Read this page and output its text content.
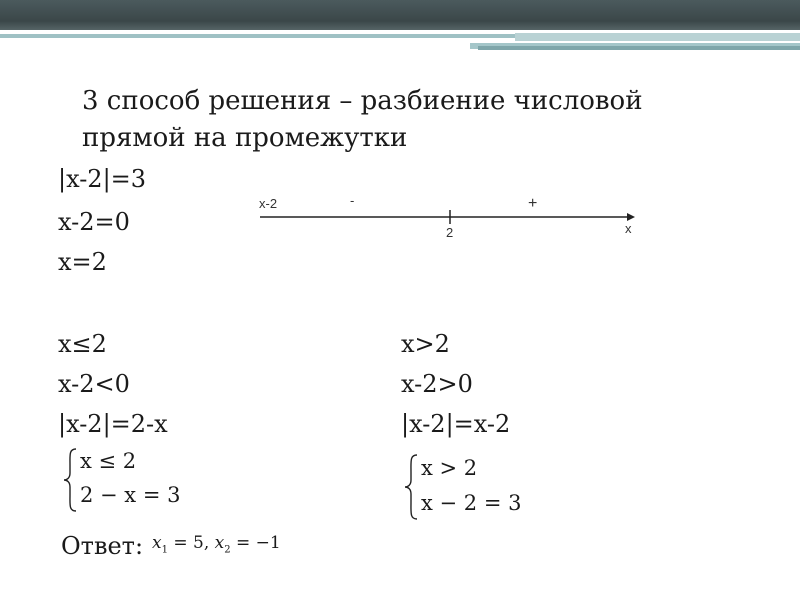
3 способ решения – разбиение числовой прямой на промежутки
|x-2|=3
x-2=0
x=2
x≤2
x-2<0
|x-2|=2-x
x>2
x-2>0
|x-2|=x-2
x-2	-	+
2	x
x ≤ 2
2 − x = 3
x > 2
x − 2 = 3
Ответ: $x_1 = 5$, $x_2 = -1$
